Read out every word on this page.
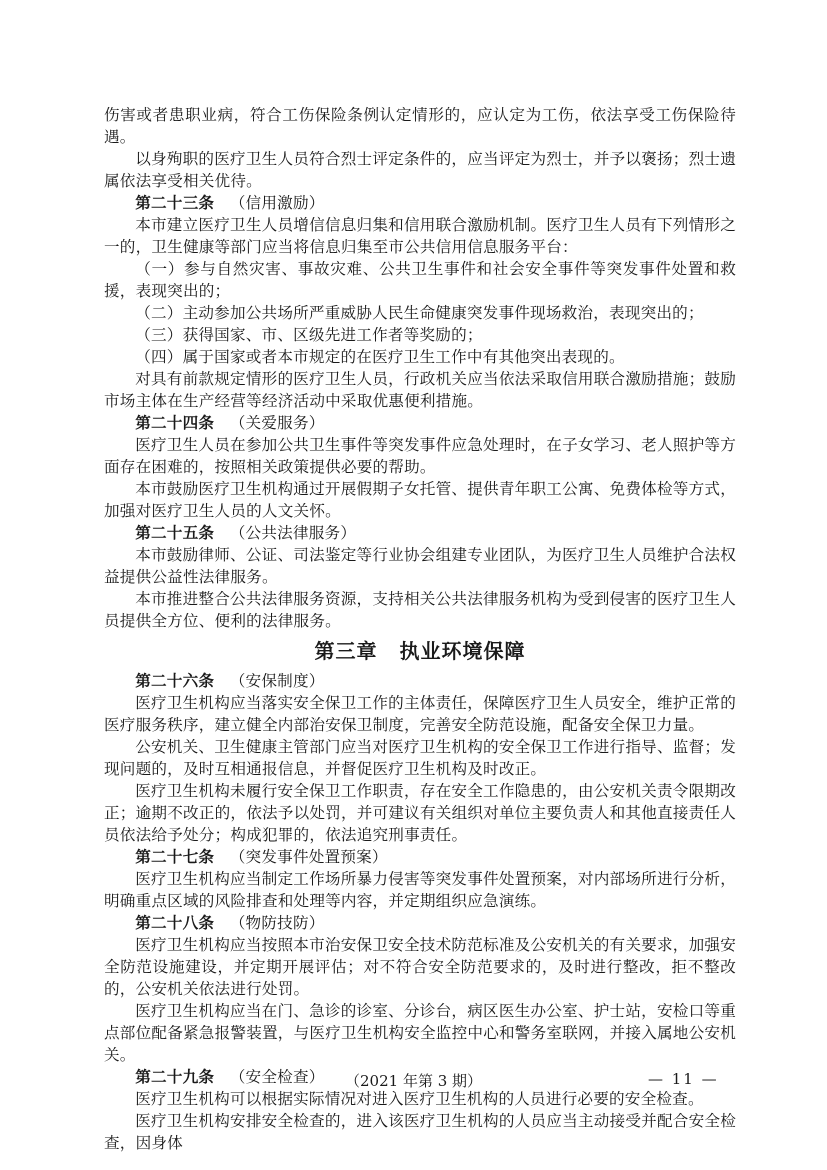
伤害或者患职业病，符合工伤保险条例认定情形的，应认定为工伤，依法享受工伤保险待遇。

以身殉职的医疗卫生人员符合烈士评定条件的，应当评定为烈士，并予以褒扬；烈士遗属依法享受相关优待。

第二十三条 （信用激励）

本市建立医疗卫生人员增信信息归集和信用联合激励机制。医疗卫生人员有下列情形之一的，卫生健康等部门应当将信息归集至市公共信用信息服务平台：

（一）参与自然灾害、事故灾难、公共卫生事件和社会安全事件等突发事件处置和救援，表现突出的；

（二）主动参加公共场所严重威胁人民生命健康突发事件现场救治，表现突出的；

（三）获得国家、市、区级先进工作者等奖励的；

（四）属于国家或者本市规定的在医疗卫生工作中有其他突出表现的。

对具有前款规定情形的医疗卫生人员，行政机关应当依法采取信用联合激励措施；鼓励市场主体在生产经营等经济活动中采取优惠便利措施。

第二十四条 （关爱服务）

医疗卫生人员在参加公共卫生事件等突发事件应急处理时，在子女学习、老人照护等方面存在困难的，按照相关政策提供必要的帮助。

本市鼓励医疗卫生机构通过开展假期子女托管、提供青年职工公寓、免费体检等方式，加强对医疗卫生人员的人文关怀。

第二十五条 （公共法律服务）

本市鼓励律师、公证、司法鉴定等行业协会组建专业团队，为医疗卫生人员维护合法权益提供公益性法律服务。

本市推进整合公共法律服务资源，支持相关公共法律服务机构为受到侵害的医疗卫生人员提供全方位、便利的法律服务。

第三章 执业环境保障

第二十六条 （安保制度）

医疗卫生机构应当落实安全保卫工作的主体责任，保障医疗卫生人员安全，维护正常的医疗服务秩序，建立健全内部治安保卫制度，完善安全防范设施，配备安全保卫力量。

公安机关、卫生健康主管部门应当对医疗卫生机构的安全保卫工作进行指导、监督；发现问题的，及时互相通报信息，并督促医疗卫生机构及时改正。

医疗卫生机构未履行安全保卫工作职责，存在安全工作隐患的，由公安机关责令限期改正；逾期不改正的，依法予以处罚，并可建议有关组织对单位主要负责人和其他直接责任人员依法给予处分；构成犯罪的，依法追究刑事责任。

第二十七条 （突发事件处置预案）

医疗卫生机构应当制定工作场所暴力侵害等突发事件处置预案，对内部场所进行分析，明确重点区域的风险排查和处理等内容，并定期组织应急演练。

第二十八条 （物防技防）

医疗卫生机构应当按照本市治安保卫安全技术防范标准及公安机关的有关要求，加强安全防范设施建设，并定期开展评估；对不符合安全防范要求的，及时进行整改，拒不整改的，公安机关依法进行处罚。

医疗卫生机构应当在门、急诊的诊室、分诊台，病区医生办公室、护士站，安检口等重点部位配备紧急报警装置，与医疗卫生机构安全监控中心和警务室联网，并接入属地公安机关。

第二十九条 （安全检查）

医疗卫生机构可以根据实际情况对进入医疗卫生机构的人员进行必要的安全检查。

医疗卫生机构安排安全检查的，进入该医疗卫生机构的人员应当主动接受并配合安全检查，因身体

（2021 年第 3 期）	— 11 —
